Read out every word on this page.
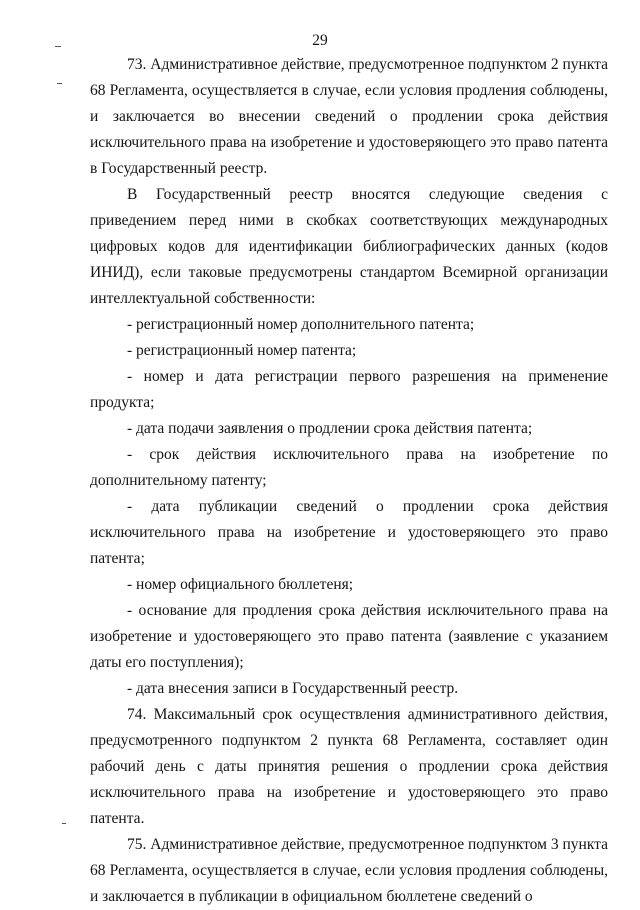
29

73. Административное действие, предусмотренное подпунктом 2 пункта 68 Регламента, осуществляется в случае, если условия продления соблюдены, и заключается во внесении сведений о продлении срока действия исключительного права на изобретение и удостоверяющего это право патента в Государственный реестр.

В Государственный реестр вносятся следующие сведения с приведением перед ними в скобках соответствующих международных цифровых кодов для идентификации библиографических данных (кодов ИНИД), если таковые предусмотрены стандартом Всемирной организации интеллектуальной собственности:

- регистрационный номер дополнительного патента;

- регистрационный номер патента;

- номер и дата регистрации первого разрешения на применение продукта;

- дата подачи заявления о продлении срока действия патента;

- срок действия исключительного права на изобретение по дополнительному патенту;

- дата публикации сведений о продлении срока действия исключительного права на изобретение и удостоверяющего это право патента;

- номер официального бюллетеня;

- основание для продления срока действия исключительного права на изобретение и удостоверяющего это право патента (заявление с указанием даты его поступления);

- дата внесения записи в Государственный реестр.

74. Максимальный срок осуществления административного действия, предусмотренного подпунктом 2 пункта 68 Регламента, составляет один рабочий день с даты принятия решения о продлении срока действия исключительного права на изобретение и удостоверяющего это право патента.

75. Административное действие, предусмотренное подпунктом 3 пункта 68 Регламента, осуществляется в случае, если условия продления соблюдены, и заключается в публикации в официальном бюллетене сведений о
